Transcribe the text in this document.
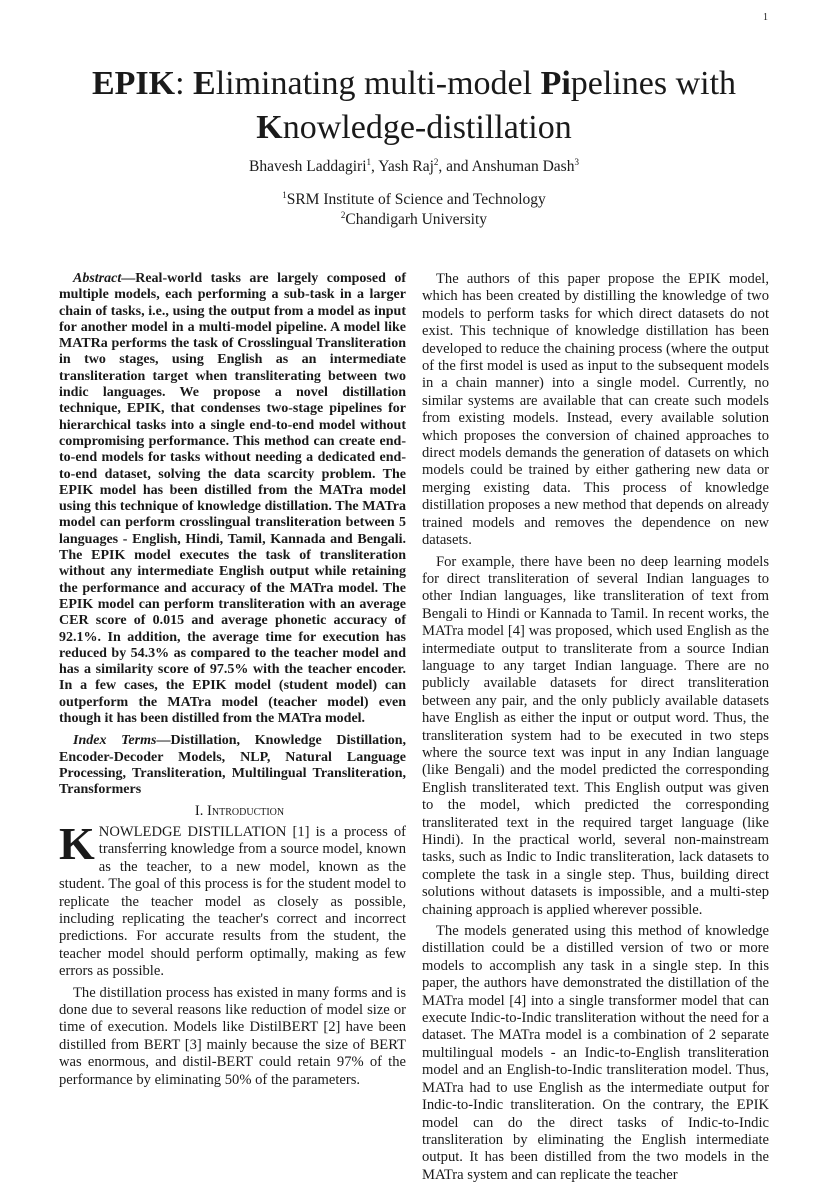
1
EPIK: Eliminating multi-model Pipelines with
Knowledge-distillation
Bhavesh Laddagiri$^1$, Yash Raj$^2$, and Anshuman Dash$^3$
$^1$SRM Institute of Science and Technology
$^2$Chandigarh University

Abstract—Real-world tasks are largely composed of multiple models, each performing a sub-task in a larger chain of tasks, i.e., using the output from a model as input for another model in a multi-model pipeline. A model like MATRa performs the task of Crosslingual Transliteration in two stages, using English as an intermediate transliteration target when transliterating between two indic languages. We propose a novel distillation technique, EPIK, that condenses two-stage pipelines for hierarchical tasks into a single end-to-end model without compromising performance. This method can create end-to-end models for tasks without needing a dedicated end-to-end dataset, solving the data scarcity problem. The EPIK model has been distilled from the MATra model using this technique of knowledge distillation. The MATra model can perform crosslingual transliteration between 5 languages - English, Hindi, Tamil, Kannada and Bengali. The EPIK model executes the task of transliteration without any intermediate English output while retaining the performance and accuracy of the MATra model. The EPIK model can perform transliteration with an average CER score of 0.015 and average phonetic accuracy of 92.1%. In addition, the average time for execution has reduced by 54.3% as compared to the teacher model and has a similarity score of 97.5% with the teacher encoder. In a few cases, the EPIK model (student model) can outperform the MATra model (teacher model) even though it has been distilled from the MATra model.

Index Terms—Distillation, Knowledge Distillation, Encoder-Decoder Models, NLP, Natural Language Processing, Transliteration, Multilingual Transliteration, Transformers

I. Introduction

KNOWLEDGE DISTILLATION [1] is a process of transferring knowledge from a source model, known as the teacher, to a new model, known as the student. The goal of this process is for the student model to replicate the teacher model as closely as possible, including replicating the teacher's correct and incorrect predictions. For accurate results from the student, the teacher model should perform optimally, making as few errors as possible.

The distillation process has existed in many forms and is done due to several reasons like reduction of model size or time of execution. Models like DistilBERT [2] have been distilled from BERT [3] mainly because the size of BERT was enormous, and distil-BERT could retain 97% of the performance by eliminating 50% of the parameters.

The authors of this paper propose the EPIK model, which has been created by distilling the knowledge of two models to perform tasks for which direct datasets do not exist. This technique of knowledge distillation has been developed to reduce the chaining process (where the output of the first model is used as input to the subsequent models in a chain manner) into a single model. Currently, no similar systems are available that can create such models from existing models. Instead, every available solution which proposes the conversion of chained approaches to direct models demands the generation of datasets on which models could be trained by either gathering new data or merging existing data. This process of knowledge distillation proposes a new method that depends on already trained models and removes the dependence on new datasets.

For example, there have been no deep learning models for direct transliteration of several Indian languages to other Indian languages, like transliteration of text from Bengali to Hindi or Kannada to Tamil. In recent works, the MATra model [4] was proposed, which used English as the intermediate output to transliterate from a source Indian language to any target Indian language. There are no publicly available datasets for direct transliteration between any pair, and the only publicly available datasets have English as either the input or output word. Thus, the transliteration system had to be executed in two steps where the source text was input in any Indian language (like Bengali) and the model predicted the corresponding English transliterated text. This English output was given to the model, which predicted the corresponding transliterated text in the required target language (like Hindi). In the practical world, several non-mainstream tasks, such as Indic to Indic transliteration, lack datasets to complete the task in a single step. Thus, building direct solutions without datasets is impossible, and a multi-step chaining approach is applied wherever possible.

The models generated using this method of knowledge distillation could be a distilled version of two or more models to accomplish any task in a single step. In this paper, the authors have demonstrated the distillation of the MATra model [4] into a single transformer model that can execute Indic-to-Indic transliteration without the need for a dataset. The MATra model is a combination of 2 separate multilingual models - an Indic-to-English transliteration model and an English-to-Indic transliteration model. Thus, MATra had to use English as the intermediate output for Indic-to-Indic transliteration. On the contrary, the EPIK model can do the direct tasks of Indic-to-Indic transliteration by eliminating the English intermediate output. It has been distilled from the two models in the MATra system and can replicate the teacher
